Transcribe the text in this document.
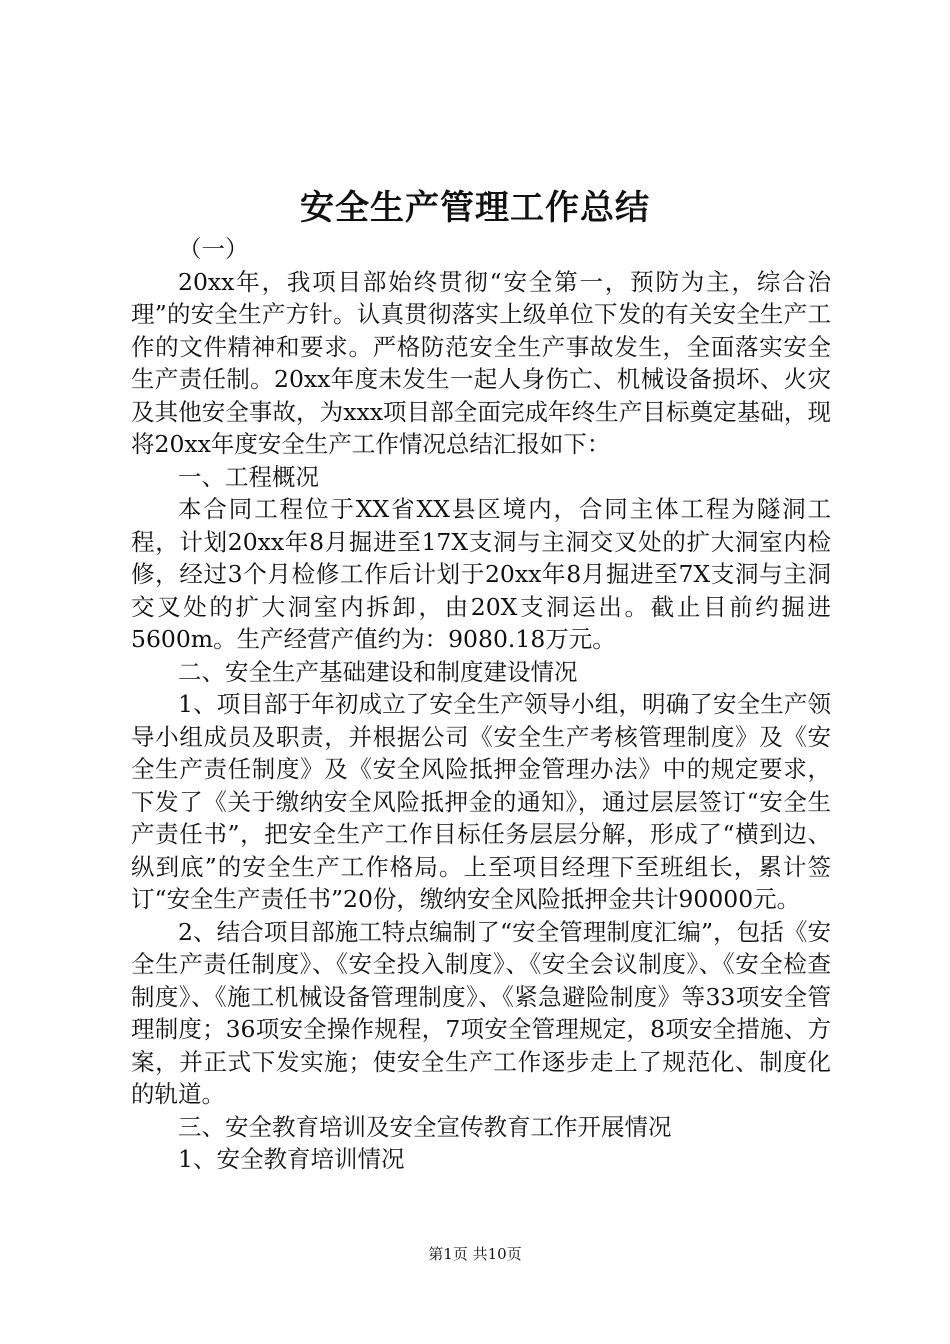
安全生产管理工作总结

（一）

20xx年，我项目部始终贯彻“安全第一，预防为主，综合治理”的安全生产方针。认真贯彻落实上级单位下发的有关安全生产工作的文件精神和要求。严格防范安全生产事故发生，全面落实安全生产责任制。20xx年度未发生一起人身伤亡、机械设备损坏、火灾及其他安全事故，为xxx项目部全面完成年终生产目标奠定基础，现将20xx年度安全生产工作情况总结汇报如下：

一、工程概况

本合同工程位于XX省XX县区境内，合同主体工程为隧洞工程，计划20xx年8月掘进至17X支洞与主洞交叉处的扩大洞室内检修，经过3个月检修工作后计划于20xx年8月掘进至7X支洞与主洞交叉处的扩大洞室内拆卸，由20X支洞运出。截止目前约掘进5600m。生产经营产值约为：9080.18万元。

二、安全生产基础建设和制度建设情况

1、项目部于年初成立了安全生产领导小组，明确了安全生产领导小组成员及职责，并根据公司《安全生产考核管理制度》及《安全生产责任制度》及《安全风险抵押金管理办法》中的规定要求，下发了《关于缴纳安全风险抵押金的通知》，通过层层签订“安全生产责任书”，把安全生产工作目标任务层层分解，形成了“横到边、纵到底”的安全生产工作格局。上至项目经理下至班组长，累计签订“安全生产责任书”20份，缴纳安全风险抵押金共计90000元。

2、结合项目部施工特点编制了“安全管理制度汇编”，包括《安全生产责任制度》、《安全投入制度》、《安全会议制度》、《安全检查制度》、《施工机械设备管理制度》、《紧急避险制度》等33项安全管理制度；36项安全操作规程，7项安全管理规定，8项安全措施、方案，并正式下发实施；使安全生产工作逐步走上了规范化、制度化的轨道。

三、安全教育培训及安全宣传教育工作开展情况

1、安全教育培训情况

第1页 共10页
